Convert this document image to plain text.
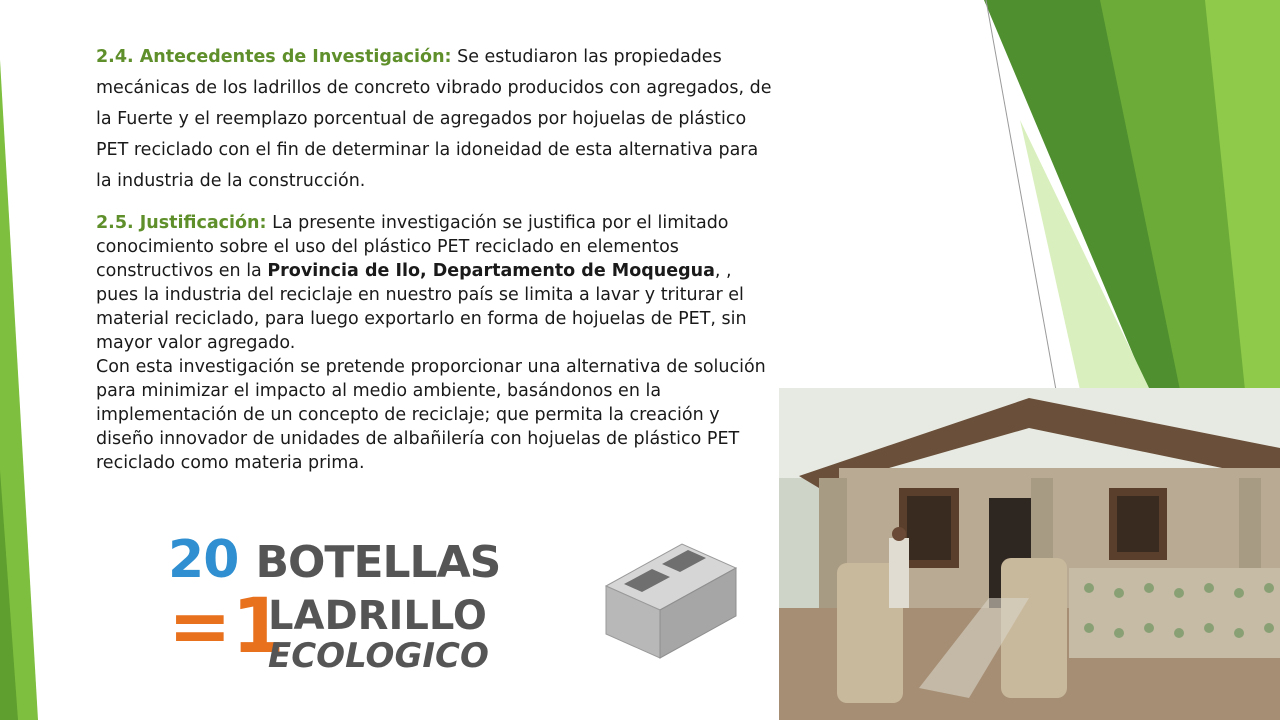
2.4. Antecedentes de Investigación: Se estudiaron las propiedades mecánicas de los ladrillos de concreto vibrado producidos con agregados, de la Fuerte y el reemplazo porcentual de agregados por hojuelas de plástico PET reciclado con el fin de determinar la idoneidad de esta alternativa para la industria de la construcción.

2.5. Justificación: La presente investigación se justifica por el limitado conocimiento sobre el uso del plástico PET reciclado en elementos constructivos en la Provincia de Ilo, Departamento de Moquegua, , pues la industria del reciclaje en nuestro país se limita a lavar y triturar el material reciclado, para luego exportarlo en forma de hojuelas de PET, sin mayor valor agregado.

Con esta investigación se pretende proporcionar una alternativa de solución para minimizar el impacto al medio ambiente, basándonos en la implementación de un concepto de reciclaje; que permita la creación y diseño innovador de unidades de albañilería con hojuelas de plástico PET reciclado como materia prima.

20 BOTELLAS
=1
LADRILLO
ECOLOGICO
